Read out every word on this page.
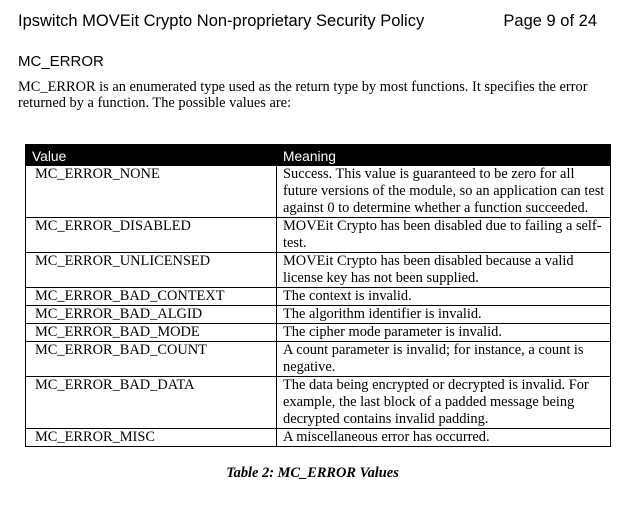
Ipswitch MOVEit Crypto Non-proprietary Security Policy	Page 9 of 24
MC_ERROR
MC_ERROR is an enumerated type used as the return type by most functions. It specifies the error returned by a function. The possible values are:
Value	Meaning
MC_ERROR_NONE	Success. This value is guaranteed to be zero for all future versions of the module, so an application can test against 0 to determine whether a function succeeded.
MC_ERROR_DISABLED	MOVEit Crypto has been disabled due to failing a self-test.
MC_ERROR_UNLICENSED	MOVEit Crypto has been disabled because a valid license key has not been supplied.
MC_ERROR_BAD_CONTEXT	The context is invalid.
MC_ERROR_BAD_ALGID	The algorithm identifier is invalid.
MC_ERROR_BAD_MODE	The cipher mode parameter is invalid.
MC_ERROR_BAD_COUNT	A count parameter is invalid; for instance, a count is negative.
MC_ERROR_BAD_DATA	The data being encrypted or decrypted is invalid. For example, the last block of a padded message being decrypted contains invalid padding.
MC_ERROR_MISC	A miscellaneous error has occurred.
Table 2: MC_ERROR Values
